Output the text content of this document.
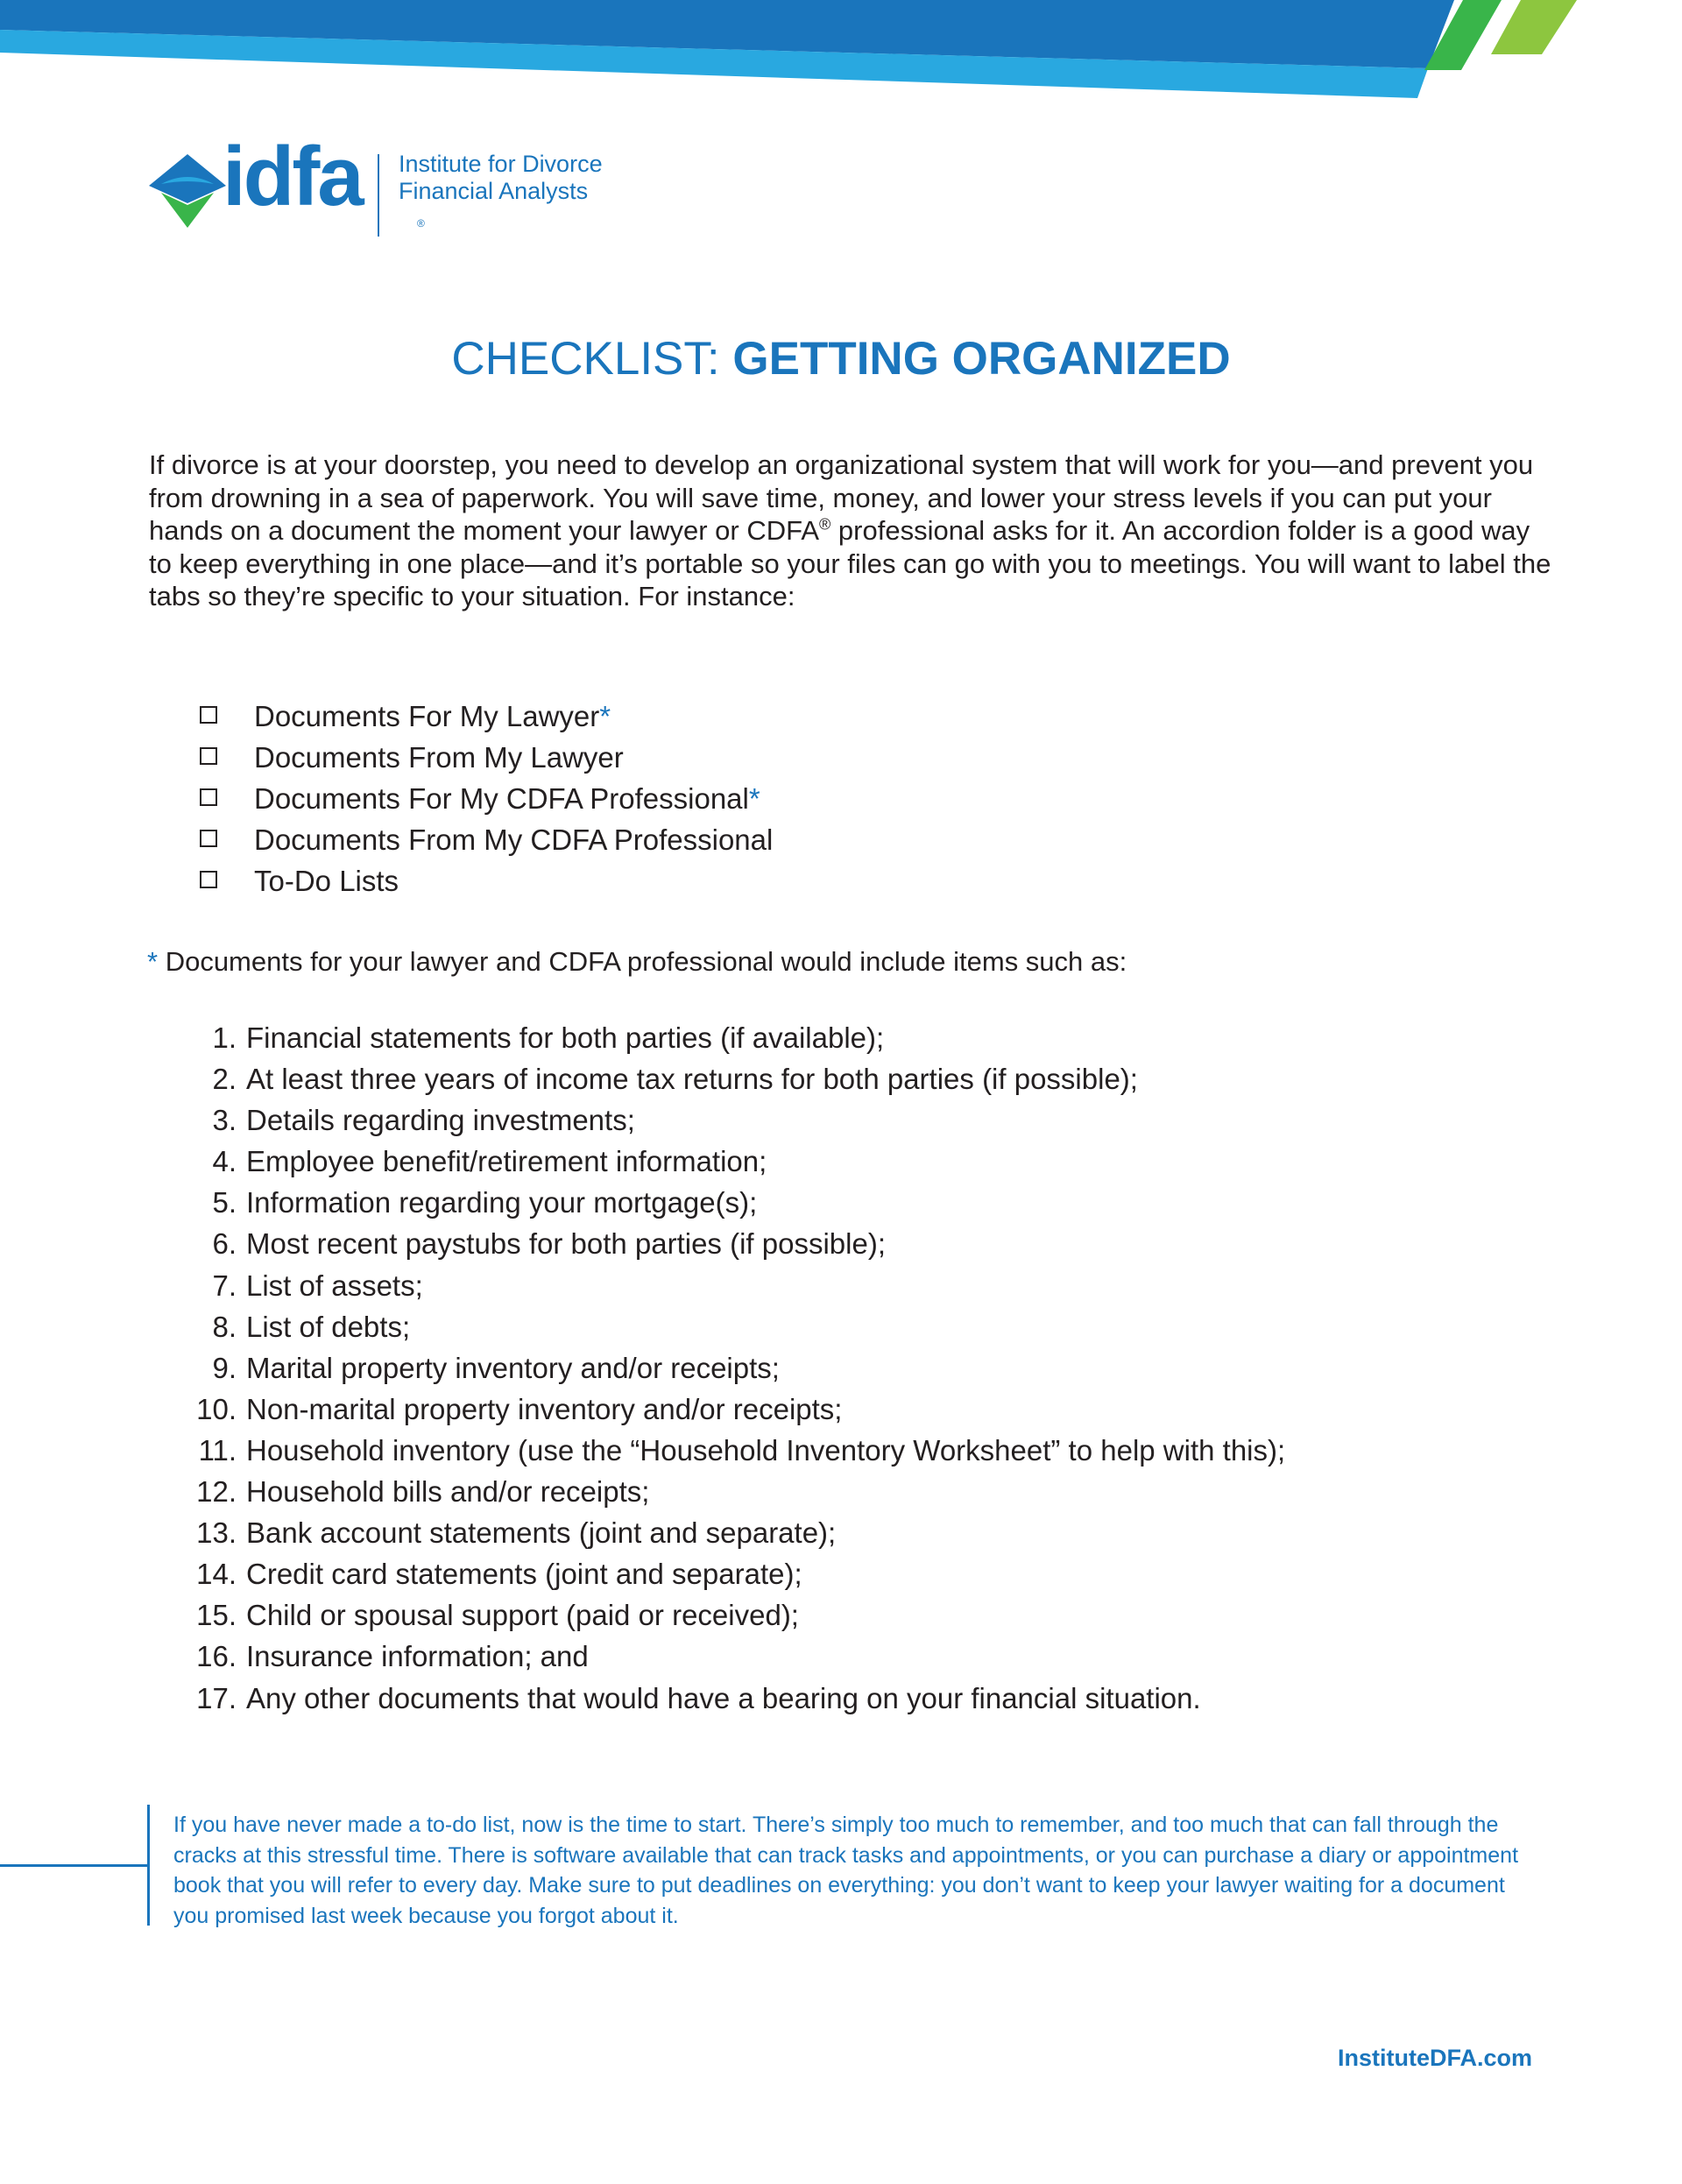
idfa	®
Institute for Divorce Financial Analysts
CHECKLIST: GETTING ORGANIZED

If divorce is at your doorstep, you need to develop an organizational system that will work for you—and prevent you from drowning in a sea of paperwork. You will save time, money, and lower your stress levels if you can put your hands on a document the moment your lawyer or CDFA® professional asks for it. An accordion folder is a good way to keep everything in one place—and it’s portable so your files can go with you to meetings. You will want to label the tabs so they’re specific to your situation. For instance:

Documents For My Lawyer*
Documents From My Lawyer
Documents For My CDFA Professional*
Documents From My CDFA Professional
To-Do Lists
* Documents for your lawyer and CDFA professional would include items such as:
1. Financial statements for both parties (if available);
2. At least three years of income tax returns for both parties (if possible);
3. Details regarding investments;
4. Employee benefit/retirement information;
5. Information regarding your mortgage(s);
6. Most recent paystubs for both parties (if possible);
7. List of assets;
8. List of debts;
9. Marital property inventory and/or receipts;
10. Non-marital property inventory and/or receipts;
11. Household inventory (use the “Household Inventory Worksheet” to help with this);
12. Household bills and/or receipts;
13. Bank account statements (joint and separate);
14. Credit card statements (joint and separate);
15. Child or spousal support (paid or received);
16. Insurance information; and
17. Any other documents that would have a bearing on your financial situation.

If you have never made a to-do list, now is the time to start. There’s simply too much to remember, and too much that can fall through the cracks at this stressful time. There is software available that can track tasks and appointments, or you can purchase a diary or appointment book that you will refer to every day. Make sure to put deadlines on everything: you don’t want to keep your lawyer waiting for a document you promised last week because you forgot about it.

InstituteDFA.com
